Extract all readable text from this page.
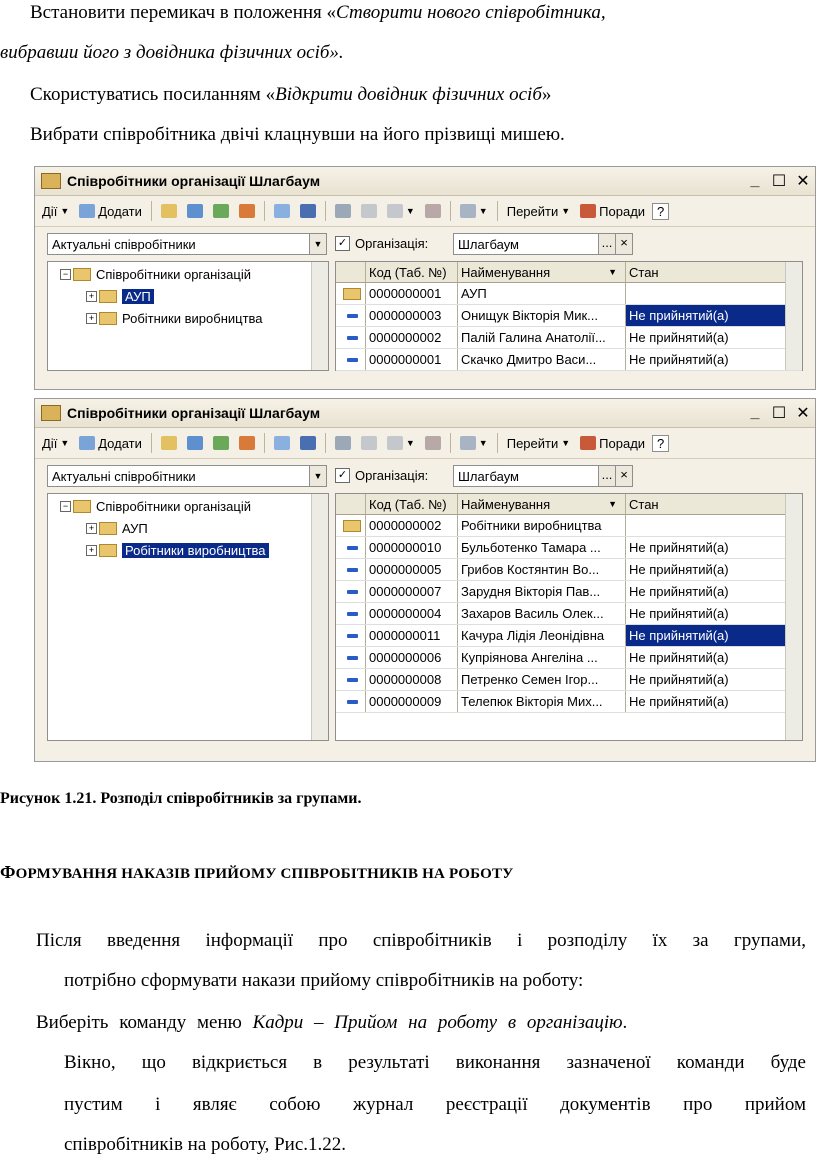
Встановити перемикач в положення «Створити нового співробітника,
вибравши його з довідника фізичних осіб».
Скористуватись посиланням «Відкрити довідник фізичних осіб»
Вибрати співробітника двічі клацнувши на його прізвищі мишею.
Співробітники організації Шлагбаум	_ ☐ ✕
Дії ▼ Додати	▼	▼ Перейти ▼ Поради ?
Актуальні співробітники	▼	✓ Організація:	Шлагбаум	... ×
− Співробітники організацій
+ АУП
+ Робітники виробництва
Код (Таб. №)	Найменування	▼ Стан
0000000001	АУП
0000000003	Онищук Вікторія Мик...	Не прийнятий(а)
0000000002	Палій Галина Анатолії...	Не прийнятий(а)
0000000001	Скачко Дмитро Васи...	Не прийнятий(а)
Співробітники організації Шлагбаум	_ ☐ ✕
Дії ▼ Додати	▼	▼ Перейти ▼ Поради ?
Актуальні співробітники	▼	✓ Організація:	Шлагбаум	... ×
− Співробітники організацій
+ АУП
+ Робітники виробництва
Код (Таб. №)	Найменування	▼ Стан
0000000002	Робітники виробництва
0000000010	Бульботенко Тамара ...	Не прийнятий(а)
0000000005	Грибов Костянтин Во...	Не прийнятий(а)
0000000007	Зарудня Вікторія Пав...	Не прийнятий(а)
0000000004	Захаров Василь Олек...	Не прийнятий(а)
0000000011	Качура Лідія Леонідівна	Не прийнятий(а)
0000000006	Купріянова Ангеліна ...	Не прийнятий(а)
0000000008	Петренко Семен Ігор...	Не прийнятий(а)
0000000009	Телепюк Вікторія Мих...	Не прийнятий(а)
Рисунок 1.21. Розподіл співробітників за групами.
ФОРМУВАННЯ НАКАЗІВ ПРИЙОМУ СПІВРОБІТНИКІВ НА РОБОТУ
Після введення інформації про співробітників і розподілу їх за групами,
потрібно сформувати накази прийому співробітників на роботу:
Виберіть команду меню Кадри – Прийом на роботу в організацію.
Вікно, що відкриється в результаті виконання зазначеної команди буде
пустим і являє собою журнал реєстрації документів про прийом
співробітників на роботу, Рис.1.22.
